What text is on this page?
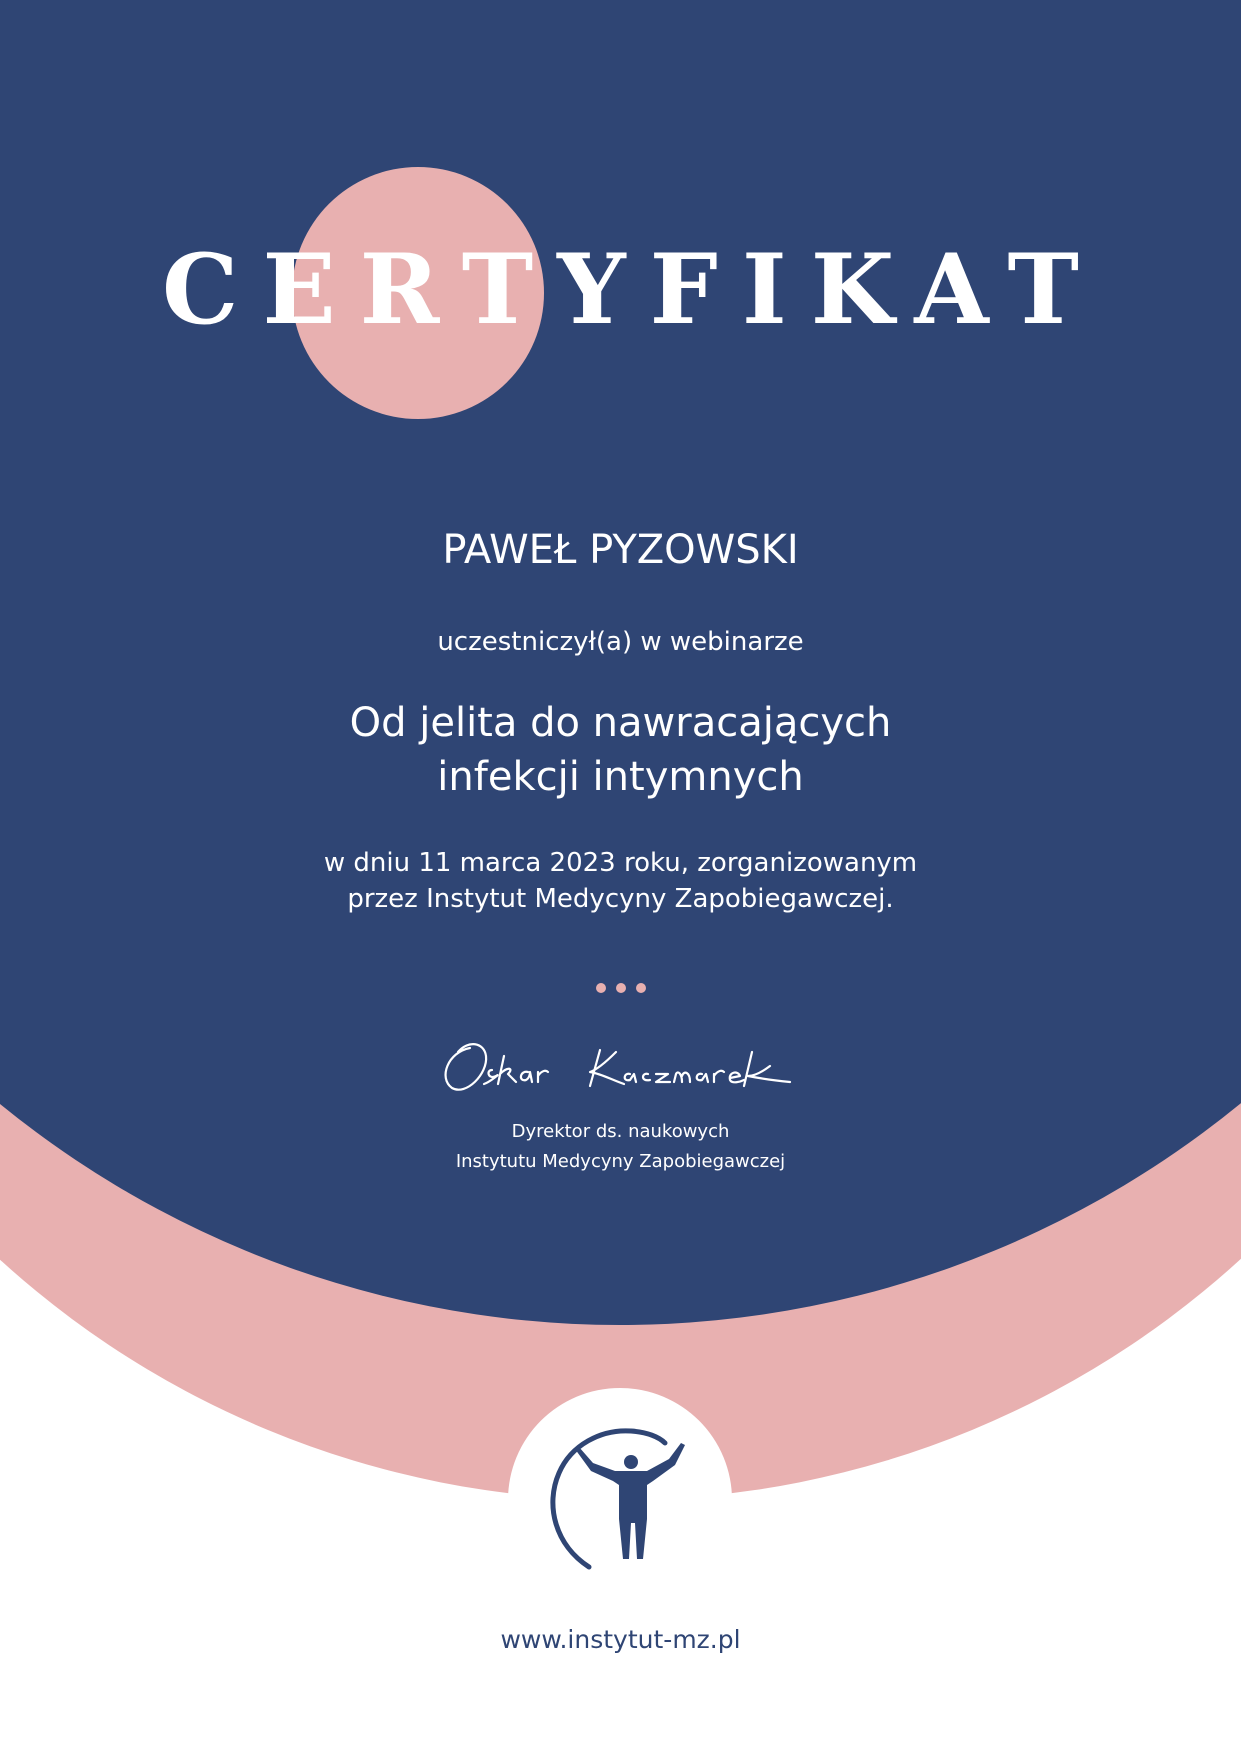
CERTYFIKAT
PAWEŁ PYZOWSKI
uczestniczył(a) w webinarze
Od jelita do nawracających
infekcji intymnych
w dniu 11 marca 2023 roku, zorganizowanym
przez Instytut Medycyny Zapobiegawczej.
Dyrektor ds. naukowych
Instytutu Medycyny Zapobiegawczej
www.instytut-mz.pl
